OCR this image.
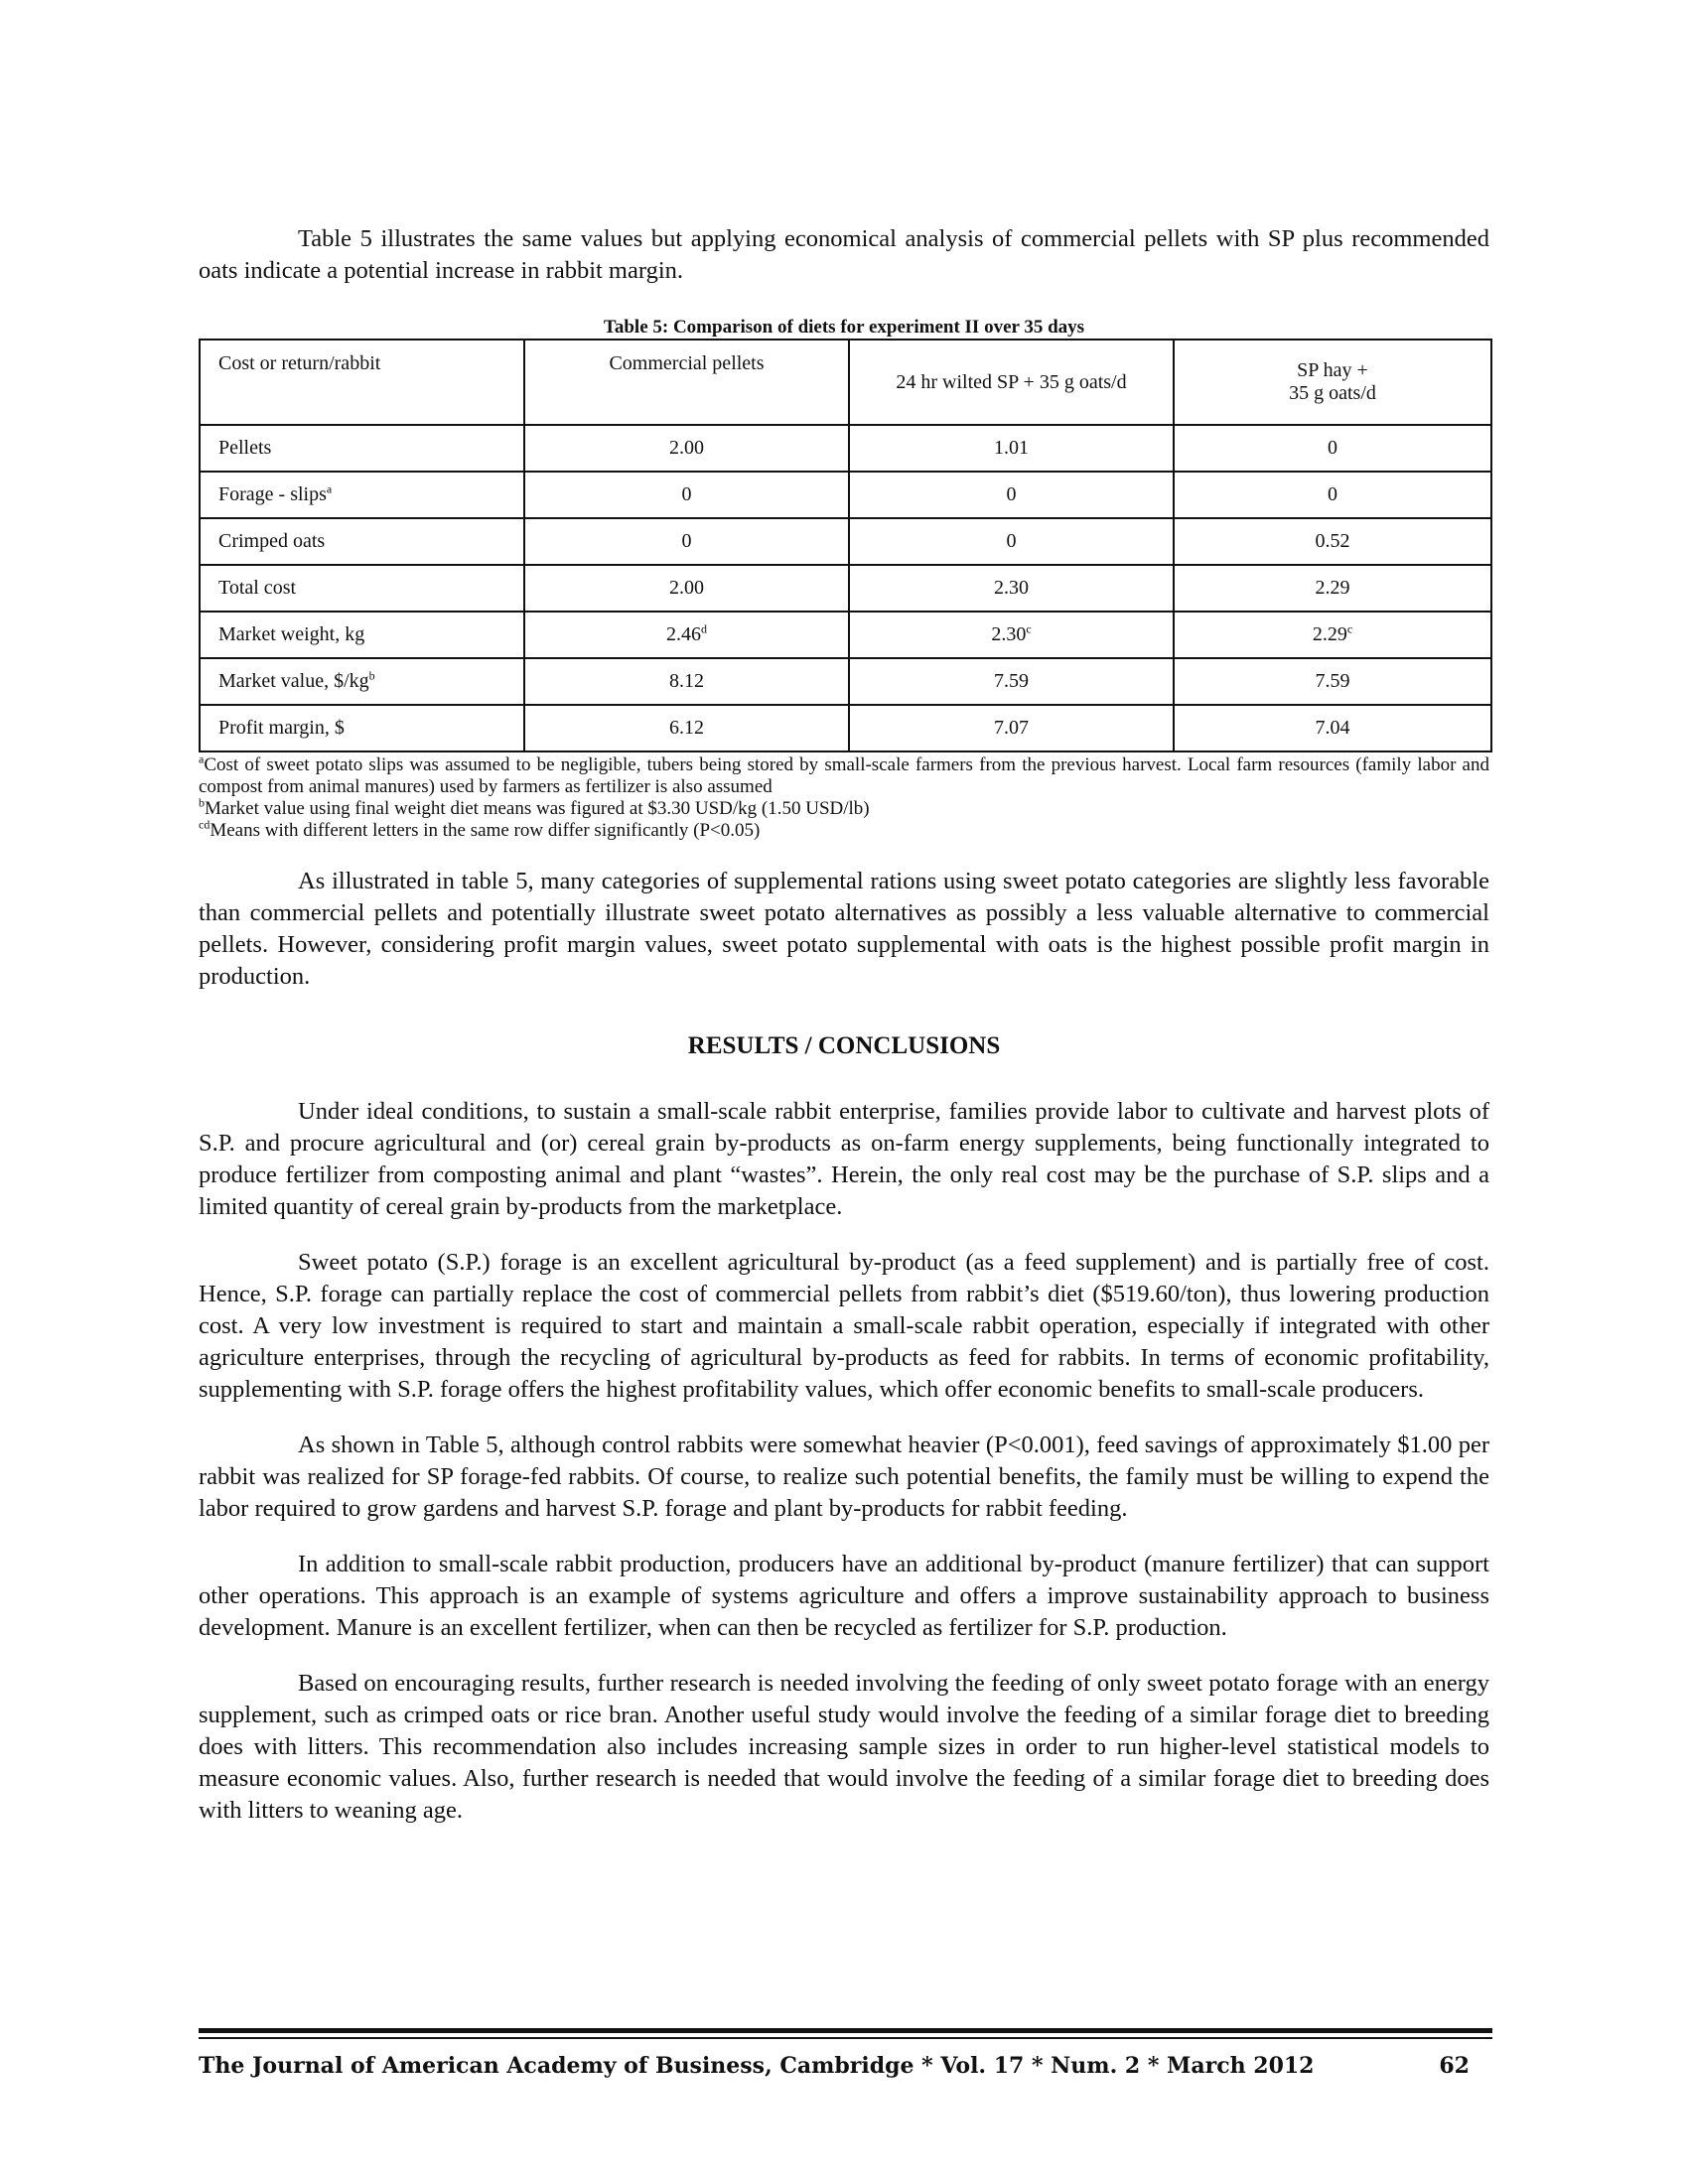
Table 5 illustrates the same values but applying economical analysis of commercial pellets with SP plus recommended oats indicate a potential increase in rabbit margin.

Table 5: Comparison of diets for experiment II over 35 days
Cost or return/rabbit	Commercial pellets	24 hr wilted SP + 35 g oats/d	SP hay +
35 g oats/d
Pellets	2.00	1.01	0
Forage - slips$^a$	0	0	0
Crimped oats	0	0	0.52
Total cost	2.00	2.30	2.29
Market weight, kg	2.46$^d$	2.30$^c$	2.29$^c$
Market value, $\$/kg^b$	8.12	7.59	7.59
Profit margin, $	6.12	7.07	7.04
$^a$Cost of sweet potato slips was assumed to be negligible, tubers being stored by small-scale farmers from the previous harvest. Local farm resources (family labor and compost from animal manures) used by farmers as fertilizer is also assumed
$^b$Market value using final weight diet means was figured at $3.30 USD/kg (1.50 USD/lb)
$^{cd}$Means with different letters in the same row differ significantly (P<0.05)

As illustrated in table 5, many categories of supplemental rations using sweet potato categories are slightly less favorable than commercial pellets and potentially illustrate sweet potato alternatives as possibly a less valuable alternative to commercial pellets. However, considering profit margin values, sweet potato supplemental with oats is the highest possible profit margin in production.

RESULTS / CONCLUSIONS

Under ideal conditions, to sustain a small-scale rabbit enterprise, families provide labor to cultivate and harvest plots of S.P. and procure agricultural and (or) cereal grain by-products as on-farm energy supplements, being functionally integrated to produce fertilizer from composting animal and plant “wastes”. Herein, the only real cost may be the purchase of S.P. slips and a limited quantity of cereal grain by-products from the marketplace.

Sweet potato (S.P.) forage is an excellent agricultural by-product (as a feed supplement) and is partially free of cost. Hence, S.P. forage can partially replace the cost of commercial pellets from rabbit’s diet ($519.60/ton), thus lowering production cost. A very low investment is required to start and maintain a small-scale rabbit operation, especially if integrated with other agriculture enterprises, through the recycling of agricultural by-products as feed for rabbits. In terms of economic profitability, supplementing with S.P. forage offers the highest profitability values, which offer economic benefits to small-scale producers.

As shown in Table 5, although control rabbits were somewhat heavier (P<0.001), feed savings of approximately $1.00 per rabbit was realized for SP forage-fed rabbits. Of course, to realize such potential benefits, the family must be willing to expend the labor required to grow gardens and harvest S.P. forage and plant by-products for rabbit feeding.

In addition to small-scale rabbit production, producers have an additional by-product (manure fertilizer) that can support other operations. This approach is an example of systems agriculture and offers a improve sustainability approach to business development. Manure is an excellent fertilizer, when can then be recycled as fertilizer for S.P. production.

Based on encouraging results, further research is needed involving the feeding of only sweet potato forage with an energy supplement, such as crimped oats or rice bran. Another useful study would involve the feeding of a similar forage diet to breeding does with litters. This recommendation also includes increasing sample sizes in order to run higher-level statistical models to measure economic values. Also, further research is needed that would involve the feeding of a similar forage diet to breeding does with litters to weaning age.

The Journal of American Academy of Business, Cambridge * Vol. 17 * Num. 2 * March 2012	62
